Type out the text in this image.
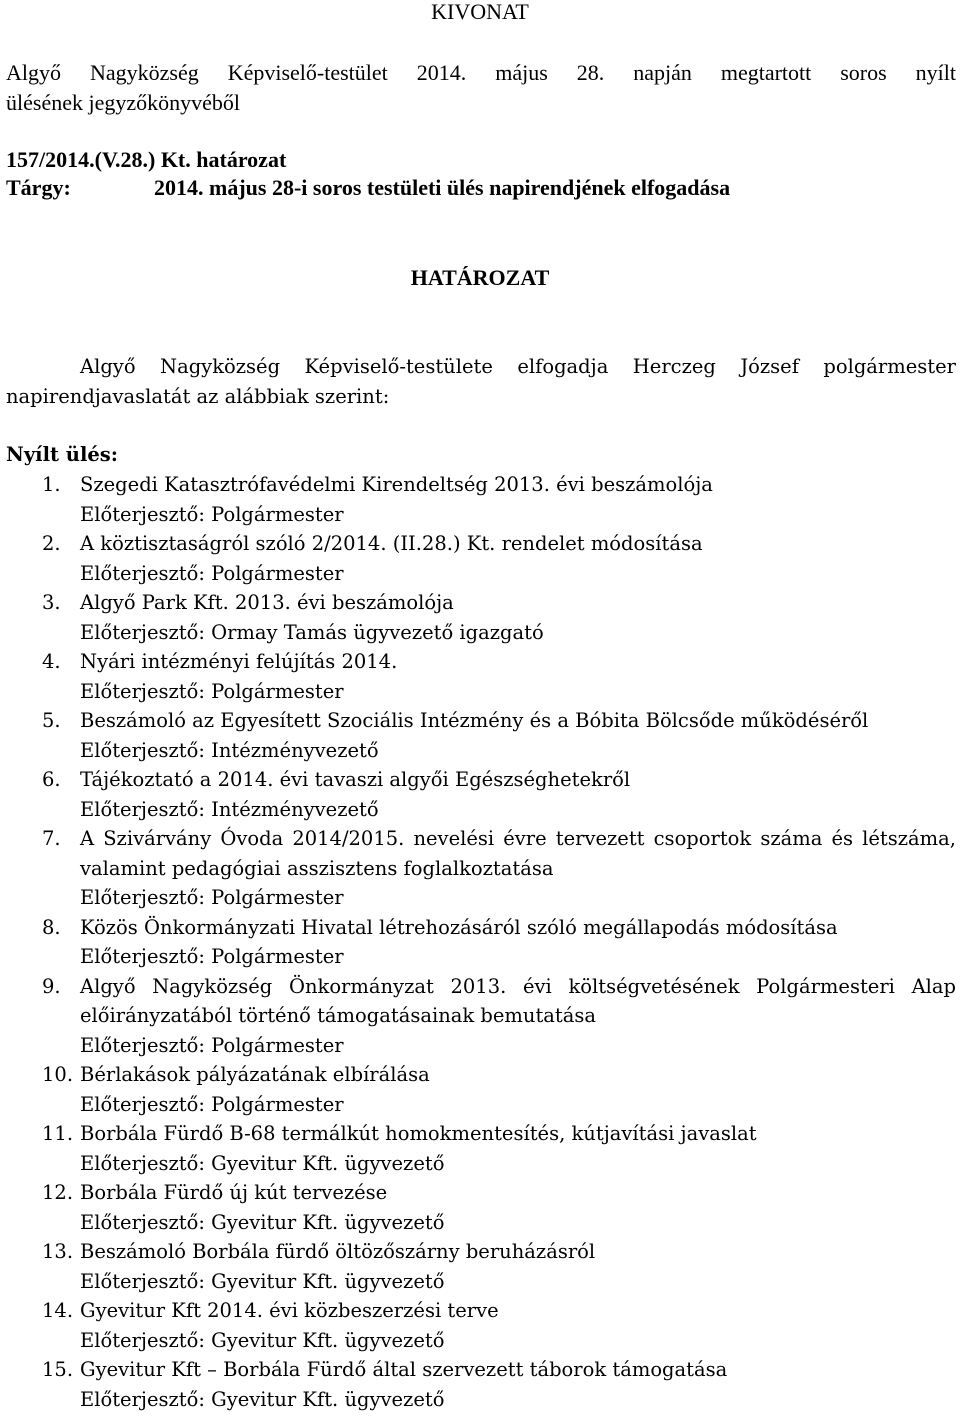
KIVONAT
Algyő Nagyközség Képviselő-testület 2014. május 28. napján megtartott soros nyílt
ülésének jegyzőkönyvéből
157/2014.(V.28.) Kt. határozat
Tárgy:	2014. május 28-i soros testületi ülés napirendjének elfogadása
HATÁROZAT
Algyő Nagyközség Képviselő-testülete elfogadja Herczeg József polgármester
napirendjavaslatát az alábbiak szerint:
Nyílt ülés:
1. Szegedi Katasztrófavédelmi Kirendeltség 2013. évi beszámolója
Előterjesztő: Polgármester
2. A köztisztaságról szóló 2/2014. (II.28.) Kt. rendelet módosítása
Előterjesztő: Polgármester
3. Algyő Park Kft. 2013. évi beszámolója
Előterjesztő: Ormay Tamás ügyvezető igazgató
4. Nyári intézményi felújítás 2014.
Előterjesztő: Polgármester
5. Beszámoló az Egyesített Szociális Intézmény és a Bóbita Bölcsőde működéséről
Előterjesztő: Intézményvezető
6. Tájékoztató a 2014. évi tavaszi algyői Egészséghetekről
Előterjesztő: Intézményvezető
7. A Szivárvány Óvoda 2014/2015. nevelési évre tervezett csoportok száma és létszáma, valamint pedagógiai asszisztens foglalkoztatása
Előterjesztő: Polgármester
8. Közös Önkormányzati Hivatal létrehozásáról szóló megállapodás módosítása
Előterjesztő: Polgármester
9. Algyő Nagyközség Önkormányzat 2013. évi költségvetésének Polgármesteri Alap előirányzatából történő támogatásainak bemutatása
Előterjesztő: Polgármester
10. Bérlakások pályázatának elbírálása
Előterjesztő: Polgármester
11. Borbála Fürdő B-68 termálkút homokmentesítés, kútjavítási javaslat
Előterjesztő: Gyevitur Kft. ügyvezető
12. Borbála Fürdő új kút tervezése
Előterjesztő: Gyevitur Kft. ügyvezető
13. Beszámoló Borbála fürdő öltözőszárny beruházásról
Előterjesztő: Gyevitur Kft. ügyvezető
14. Gyevitur Kft 2014. évi közbeszerzési terve
Előterjesztő: Gyevitur Kft. ügyvezető
15. Gyevitur Kft – Borbála Fürdő által szervezett táborok támogatása
Előterjesztő: Gyevitur Kft. ügyvezető
